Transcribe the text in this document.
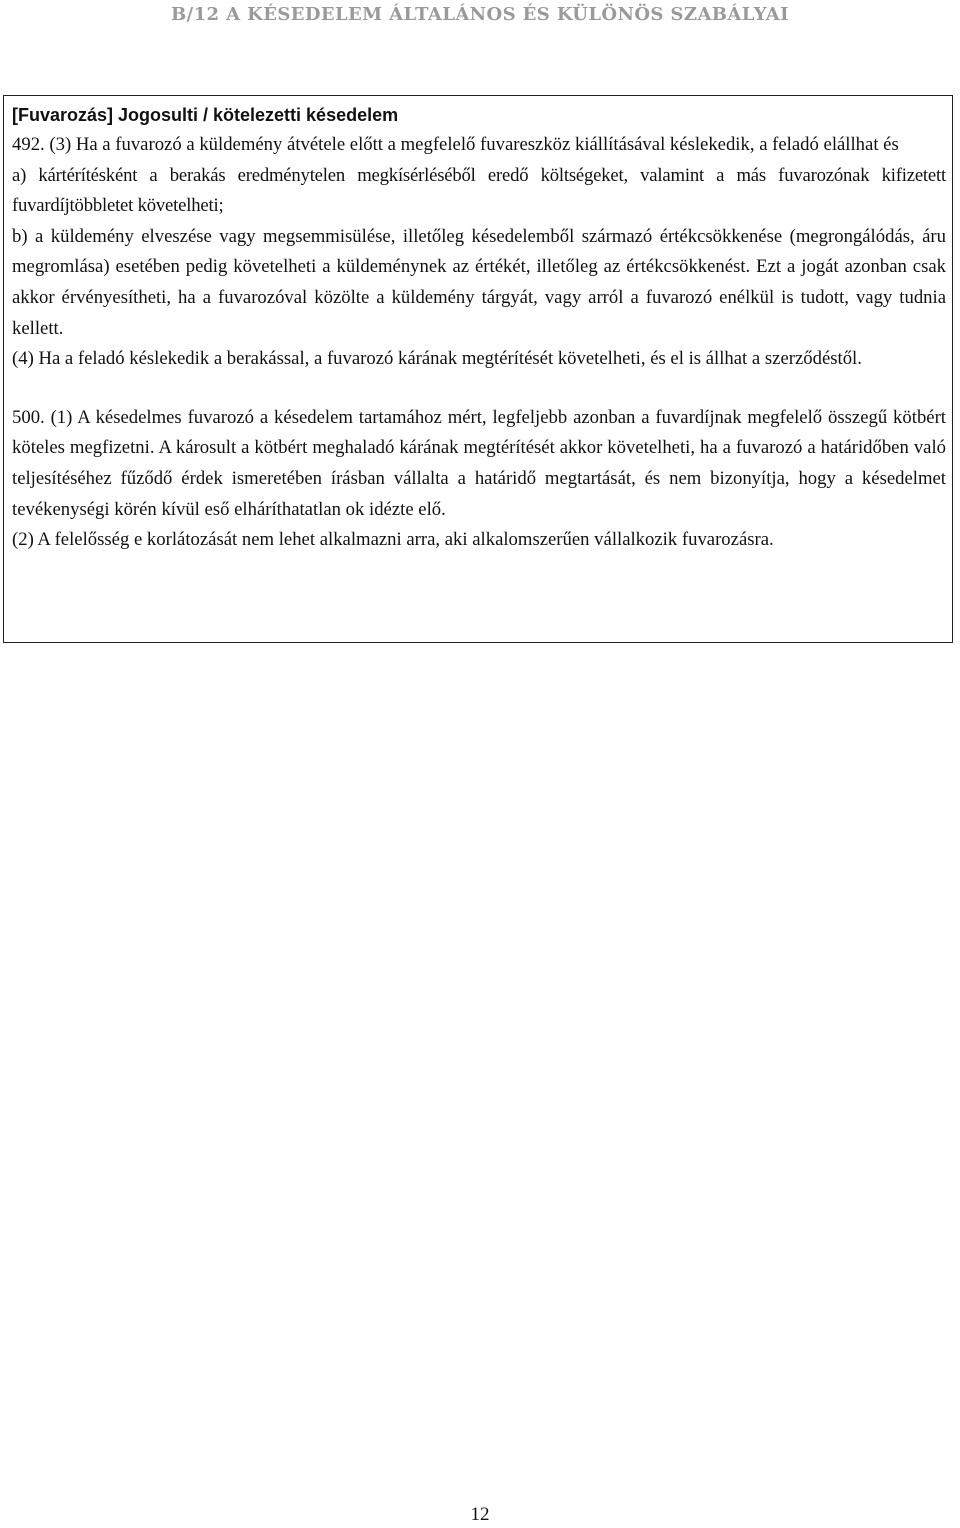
B/12 A KÉSEDELEM ÁLTALÁNOS ÉS KÜLÖNÖS SZABÁLYAI
[Fuvarozás] Jogosulti / kötelezetti késedelem

492. (3) Ha a fuvarozó a küldemény átvétele előtt a megfelelő fuvareszköz kiállításával késlekedik, a feladó elállhat és

a) kártérítésként a berakás eredménytelen megkísérléséből eredő költségeket, valamint a más fuvarozónak kifizetett fuvardíjtöbbletet követelheti;

b) a küldemény elveszése vagy megsemmisülése, illetőleg késedelemből származó értékcsökkenése (megrongálódás, áru megromlása) esetében pedig követelheti a küldeménynek az értékét, illetőleg az értékcsökkenést. Ezt a jogát azonban csak akkor érvényesítheti, ha a fuvarozóval közölte a küldemény tárgyát, vagy arról a fuvarozó enélkül is tudott, vagy tudnia kellett.

(4) Ha a feladó késlekedik a berakással, a fuvarozó kárának megtérítését követelheti, és el is állhat a szerződéstől.

500. (1) A késedelmes fuvarozó a késedelem tartamához mért, legfeljebb azonban a fuvardíjnak megfelelő összegű kötbért köteles megfizetni. A károsult a kötbért meghaladó kárának megtérítését akkor követelheti, ha a fuvarozó a határidőben való teljesítéséhez fűződő érdek ismeretében írásban vállalta a határidő megtartását, és nem bizonyítja, hogy a késedelmet tevékenységi körén kívül eső elháríthatatlan ok idézte elő.

(2) A felelősség e korlátozását nem lehet alkalmazni arra, aki alkalomszerűen vállalkozik fuvarozásra.

12
